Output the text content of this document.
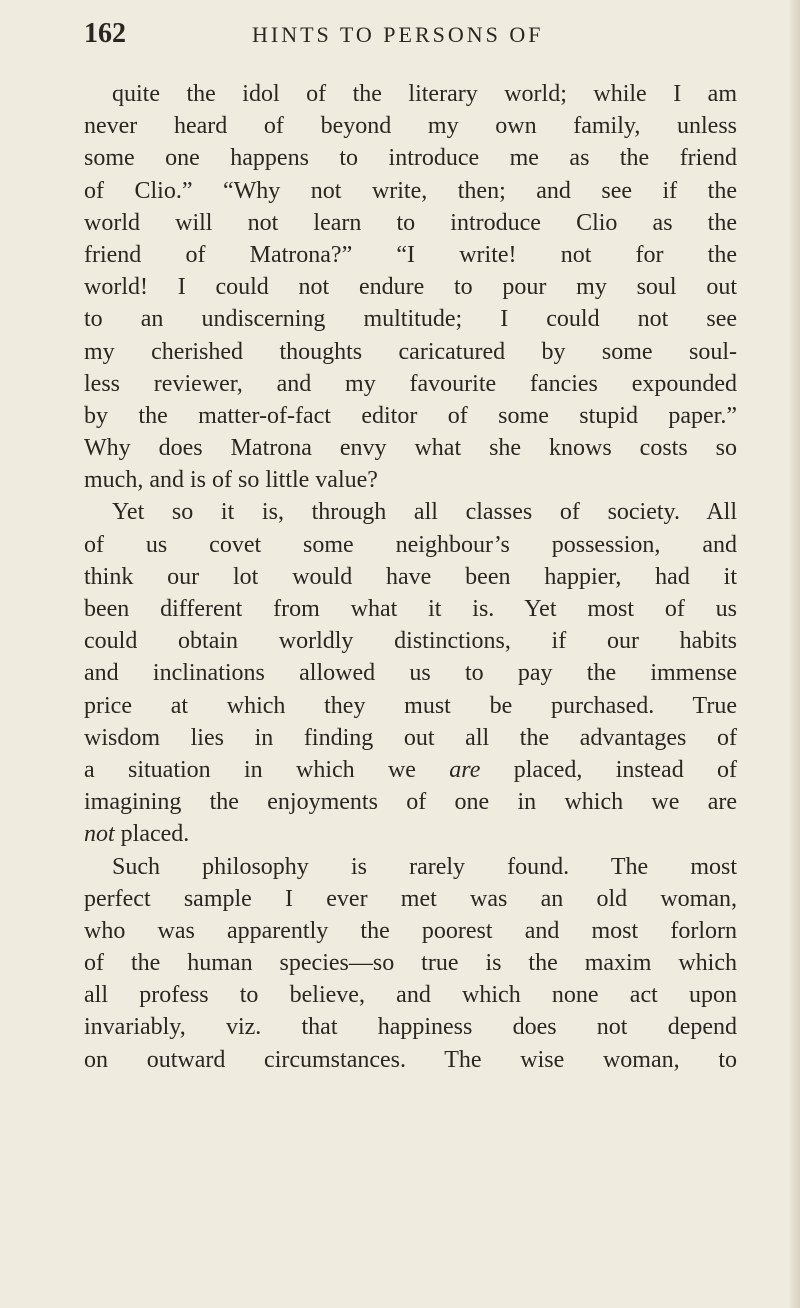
162	HINTS TO PERSONS OF
quite the idol of the literary world; while I am
never heard of beyond my own family, unless
some one happens to introduce me as the friend
of Clio.” “Why not write, then; and see if the
world will not learn to introduce Clio as the
friend of Matrona?” “I write! not for the
world! I could not endure to pour my soul out
to an undiscerning multitude; I could not see
my cherished thoughts caricatured by some soul-
less reviewer, and my favourite fancies expounded
by the matter-of-fact editor of some stupid paper.”
Why does Matrona envy what she knows costs so
much, and is of so little value?
Yet so it is, through all classes of society. All
of us covet some neighbour’s possession, and
think our lot would have been happier, had it
been different from what it is. Yet most of us
could obtain worldly distinctions, if our habits
and inclinations allowed us to pay the immense
price at which they must be purchased. True
wisdom lies in finding out all the advantages of
a situation in which we are placed, instead of
imagining the enjoyments of one in which we are
not placed.
Such philosophy is rarely found. The most
perfect sample I ever met was an old woman,
who was apparently the poorest and most forlorn
of the human species—so true is the maxim which
all profess to believe, and which none act upon
invariably, viz. that happiness does not depend
on outward circumstances. The wise woman, to
